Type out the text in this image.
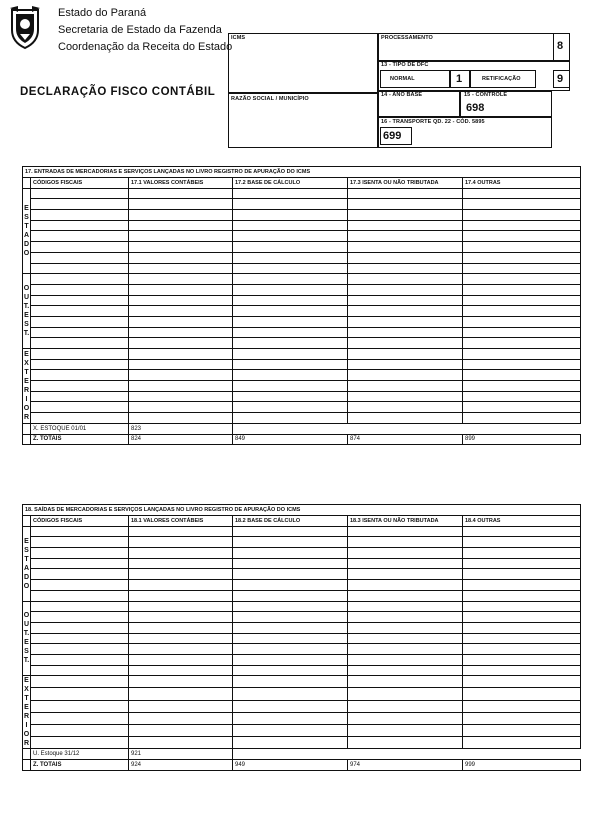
Estado do Paraná
Secretaria de Estado da Fazenda
Coordenação da Receita do Estado
DECLARAÇÃO FISCO CONTÁBIL
ICMS
RAZÃO SOCIAL / MUNICÍPIO
PROCESSAMENTO
8
13 - TIPO DE DFC
NORMAL	1	RETIFICAÇÃO	9
14 - ANO BASE	15 - CONTROLE
698
16 - TRANSPORTE QD. 22 - CÓD. 5895
699
17. ENTRADAS DE MERCADORIAS E SERVIÇOS LANÇADAS NO LIVRO REGISTRO DE APURAÇÃO DO ICMS					
	CÓDIGOS FISCAIS	17.1 VALORES CONTÁBEIS	17.2 BASE DE CÁLCULO	17.3 ISENTA OU NÃO TRIBUTADA	17.4 OUTRAS

ESTADO					

OUT.EST.					

EXTERIOR					

	X. ESTOQUE 01/01	823			
	Z. TOTAIS	824	849	874	899
18. SAÍDAS DE MERCADORIAS E SERVIÇOS LANÇADAS NO LIVRO REGISTRO DE APURAÇÃO DO ICMS					
	CÓDIGOS FISCAIS	18.1 VALORES CONTÁBEIS	18.2 BASE DE CÁLCULO	18.3 ISENTA OU NÃO TRIBUTADA	18.4 OUTRAS

ESTADO					

OUT.EST.					

EXTERIOR					

	U. Estoque 31/12	921			
	Z. TOTAIS	924	949	974	999
